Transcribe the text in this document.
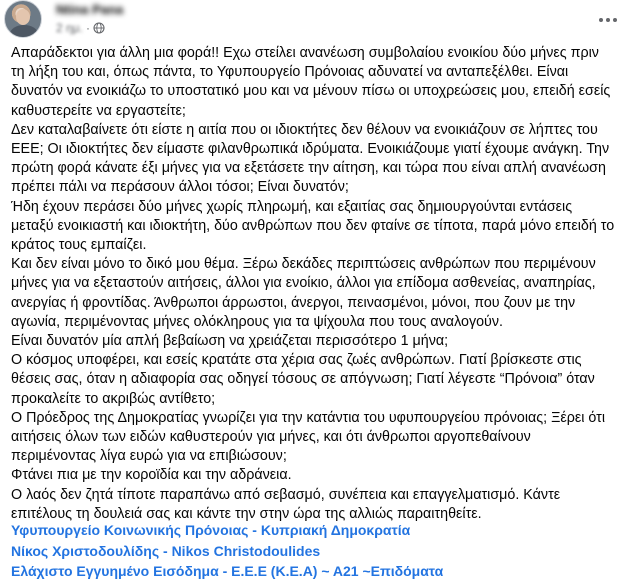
Ntina Pana
2 ημ. ·

Απαράδεκτοι για άλλη μια φορά!! Εχω στείλει ανανέωση συμβολαίου ενοικίου δύο μήνες πριν τη λήξη του και, όπως πάντα, το Υφυπουργείο Πρόνοιας αδυνατεί να ανταπεξέλθει. Είναι δυνατόν να ενοικιάζω το υποστατικό μου και να μένουν πίσω οι υποχρεώσεις μου, επειδή εσείς καθυστερείτε να εργαστείτε;

Δεν καταλαβαίνετε ότι είστε η αιτία που οι ιδιοκτήτες δεν θέλουν να ενοικιάζουν σε λήπτες του ΕΕΕ; Οι ιδιοκτήτες δεν είμαστε φιλανθρωπικά ιδρύματα. Ενοικιάζουμε γιατί έχουμε ανάγκη. Την πρώτη φορά κάνατε έξι μήνες για να εξετάσετε την αίτηση, και τώρα που είναι απλή ανανέωση πρέπει πάλι να περάσουν άλλοι τόσοι; Είναι δυνατόν;

Ήδη έχουν περάσει δύο μήνες χωρίς πληρωμή, και εξαιτίας σας δημιουργούνται εντάσεις μεταξύ ενοικιαστή και ιδιοκτήτη, δύο ανθρώπων που δεν φταίνε σε τίποτα, παρά μόνο επειδή το κράτος τους εμπαίζει.

Και δεν είναι μόνο το δικό μου θέμα. Ξέρω δεκάδες περιπτώσεις ανθρώπων που περιμένουν μήνες για να εξεταστούν αιτήσεις, άλλοι για ενοίκιο, άλλοι για επίδομα ασθενείας, αναπηρίας, ανεργίας ή φροντίδας. Άνθρωποι άρρωστοι, άνεργοι, πεινασμένοι, μόνοι, που ζουν με την αγωνία, περιμένοντας μήνες ολόκληρους για τα ψίχουλα που τους αναλογούν.

Είναι δυνατόν μία απλή βεβαίωση να χρειάζεται περισσότερο 1 μήνα;

Ο κόσμος υποφέρει, και εσείς κρατάτε στα χέρια σας ζωές ανθρώπων. Γιατί βρίσκεστε στις θέσεις σας, όταν η αδιαφορία σας οδηγεί τόσους σε απόγνωση; Γιατί λέγεστε “Πρόνοια” όταν προκαλείτε το ακριβώς αντίθετο;

Ο Πρόεδρος της Δημοκρατίας γνωρίζει για την κατάντια του υφυπουργείου πρόνοιας; Ξέρει ότι αιτήσεις όλων των ειδών καθυστερούν για μήνες, και ότι άνθρωποι αργοπεθαίνουν περιμένοντας λίγα ευρώ για να επιβιώσουν;

Φτάνει πια με την κοροϊδία και την αδράνεια.

Ο λαός δεν ζητά τίποτε παραπάνω από σεβασμό, συνέπεια και επαγγελματισμό. Κάντε επιτέλους τη δουλειά σας και κάντε την στην ώρα της αλλιώς παραιτηθείτε.

Υφυπουργείο Κοινωνικής Πρόνοιας - Κυπριακή Δημοκρατία
Νίκος Χριστοδουλίδης - Nikos Christodoulides
Ελάχιστο Εγγυημένο Εισόδημα - Ε.Ε.Ε (Κ.Ε.Α) ~ Α21 ~Επιδόματα
